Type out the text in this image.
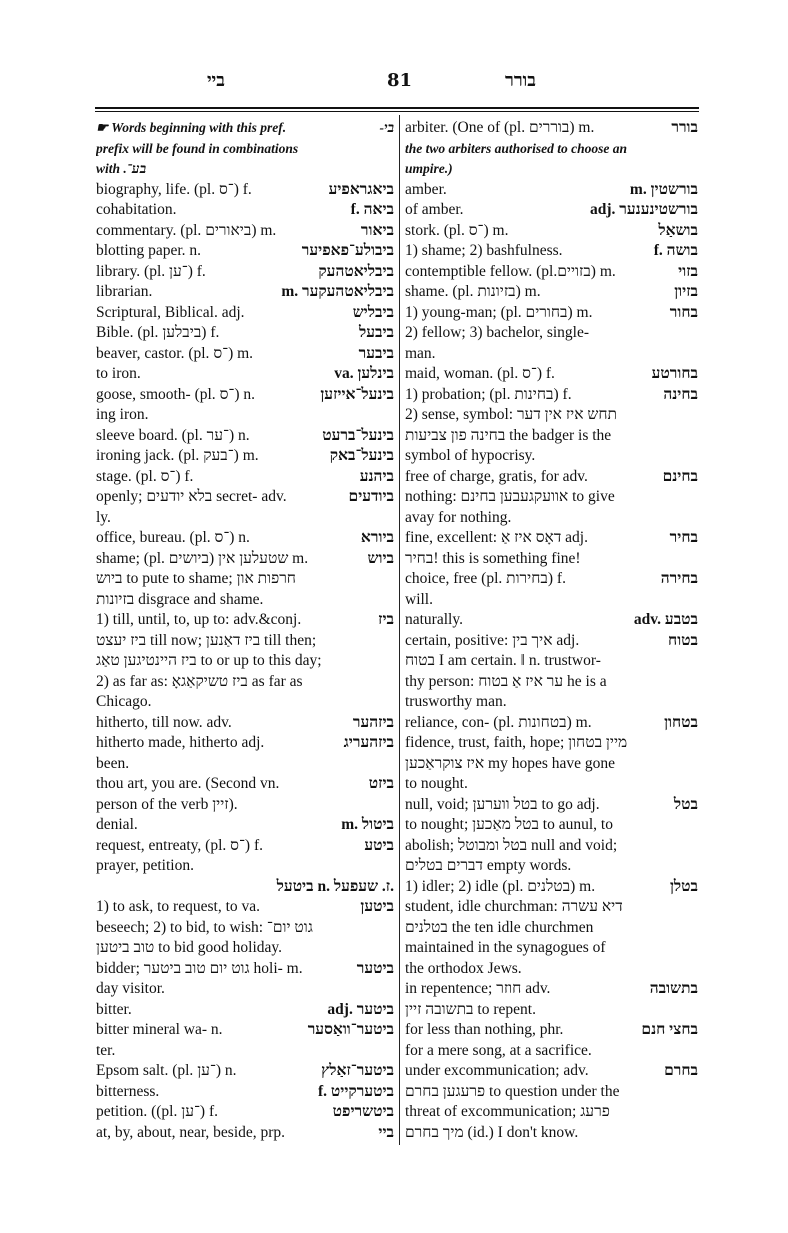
בײ	81	בורר
☛ Words beginning with this pref.	-בי
prefix will be found in combinations
with .בע־
biography, life. (pl. ־ס) f.	ביאגראפיע
cohabitation.	f. ביאה
commentary. (pl. ביאורים) m.	ביאור
blotting paper. n.	ביבולע־פאפיער
library. (pl. ־ען) f.	ביבליאטהעק
librarian.	m. ביבליאטהעקער
Scriptural, Biblical. adj.	ביבליש
Bible. (pl. ביבלען) f.	ביבעל
beaver, castor. (pl. ־ס) m.	ביבער
to iron.	va. בינלען
goose, smooth- (pl. ־ס) n.	בינעל־אייזען
ing iron.
sleeve board. (pl. ־ער) n.	בינעל־ברעט
ironing jack. (pl. ־בעק) m.	בינעל־באק
stage. (pl. ־ס) f.	ביהנע
openly; בלא יודעים secret- adv.	ביודעים
ly.
office, bureau. (pl. ־ס) n.	ביורא
shame; (pl. ביושים) שטעלען אין m.	ביוש
ביוש to pute to shame; חרפות און
בזיונות disgrace and shame.
1) till, until, to, up to: adv.&conj.	ביז
ביז יעצט till now; ביז דאַנען till then;
ביז היינטיגען טאַג to or up to this day;
2) as far as: ביז טשיקאַגאָ as far as
Chicago.
hitherto, till now. adv.	ביזהער
hitherto made, hitherto adj.	ביזהעריג
been.
thou art, you are. (Second vn.	ביזט
person of the verb זיין).
denial.	m. ביטול
request, entreaty, (pl. ־ס) f.	ביטע
prayer, petition.
ביטעל n. ז. שעפעל.
1) to ask, to request, to va.	ביטען
beseech; 2) to bid, to wish: גוט יום־
טוב ביטען to bid good holiday.
bidder; גוט יום טוב ביטער holi- m.	ביטער
day visitor.
bitter.	adj. ביטער
bitter mineral wa- n.	ביטער־וואַסער
ter.
Epsom salt. (pl. ־ען) n.	ביטער־זאַלץ
bitterness.	f. ביטערקייט
petition. ((pl. ־ען) f.	ביטשריפט
at, by, about, near, beside, prp.	ביי
arbiter. (One of (pl. בוררים) m.	בורר
the two arbiters authorised to choose an
umpire.)
amber.	m. בורשטין
of amber.	adj. בורשטינענער
stork. (pl. ־ס) m.	בושאַל
1) shame; 2) bashfulness.	f. בושה
contemptible fellow. (pl.בזויים) m.	בזוי
shame. (pl. בזיונות) m.	בזיון
1) young-man; (pl. בחורים) m.	בחור
2) fellow; 3) bachelor, single-
man.
maid, woman. (pl. ־ס) f.	בחורטע
1) probation; (pl. בחינות) f.	בחינה
2) sense, symbol: תחש איז אין דער
בחינה פון צביעות the badger is the
symbol of hypocrisy.
free of charge, gratis, for adv.	בחינם
nothing: אוועקגעבען בחינם to give
avay for nothing.
fine, excellent: דאָס איז אַ adj.	בחיר
בחיר! this is something fine!
choice, free (pl. בחירות) f.	בחירה
will.
naturally.	adv. בטבע
certain, positive: איך בין adj.	בטוח
בטוח I am certain. ‖ n. trustwor-
thy person: ער איז אַ בטוח he is a
trusworthy man.
reliance, con- (pl. בטחונות) m.	בטחון
fidence, trust, faith, hope; מיין בטחון
איז צוקראַכען my hopes have gone
to nought.
null, void; בטל ווערען to go adj.	בטל
to nought; בטל מאַכען to aunul, to
abolish; בטל ומבוטל null and void;
דברים בטלים empty words.
1) idler; 2) idle (pl. בטלנים) m.	בטלן
student, idle churchman: דיא עשרה
בטלנים the ten idle churchmen
maintained in the synagogues of
the orthodox Jews.
in repentence; חוזר adv.	בתשובה
בתשובה זיין to repent.
for less than nothing, phr.	בחצי חנם
for a mere song, at a sacrifice.
under excommunication; adv.	בחרם
פרעגען בחרם to question under the
threat of excommunication; פרעג
מיך בחרם (id.) I don't know.
